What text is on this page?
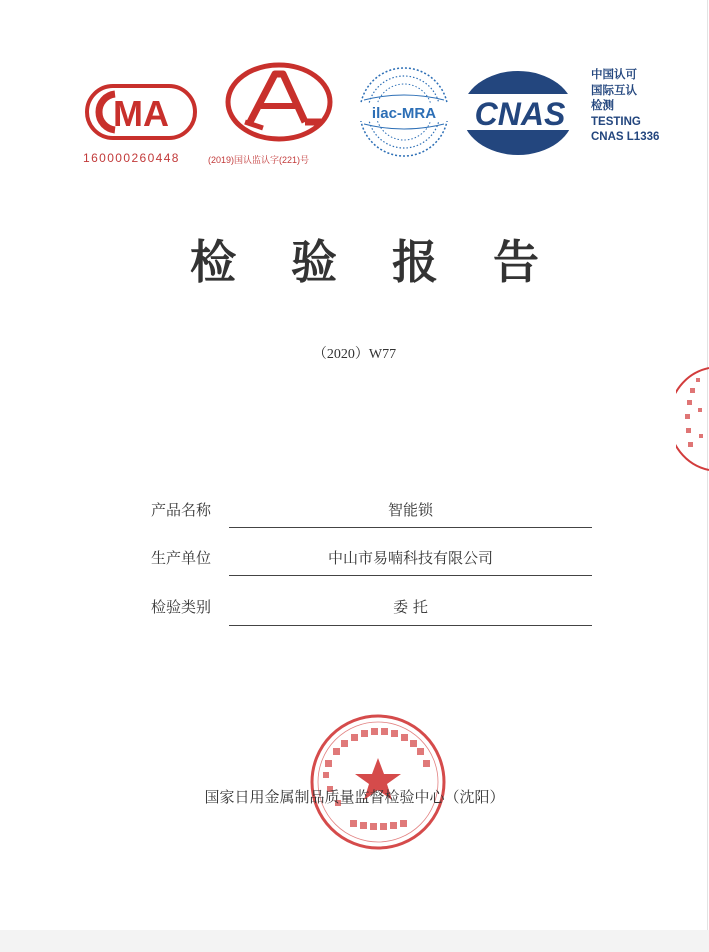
MA
160000260448	(2019)国认监认字(221)号
ilac-MRA CNAS
中国认可
国际互认
检测
TESTING
CNAS L1336
检 验 报 告
（2020）W77
产品名称	智能锁
生产单位	中山市易喃科技有限公司
检验类别	委 托
国家日用金属制品质量监督检验中心（沈阳）
